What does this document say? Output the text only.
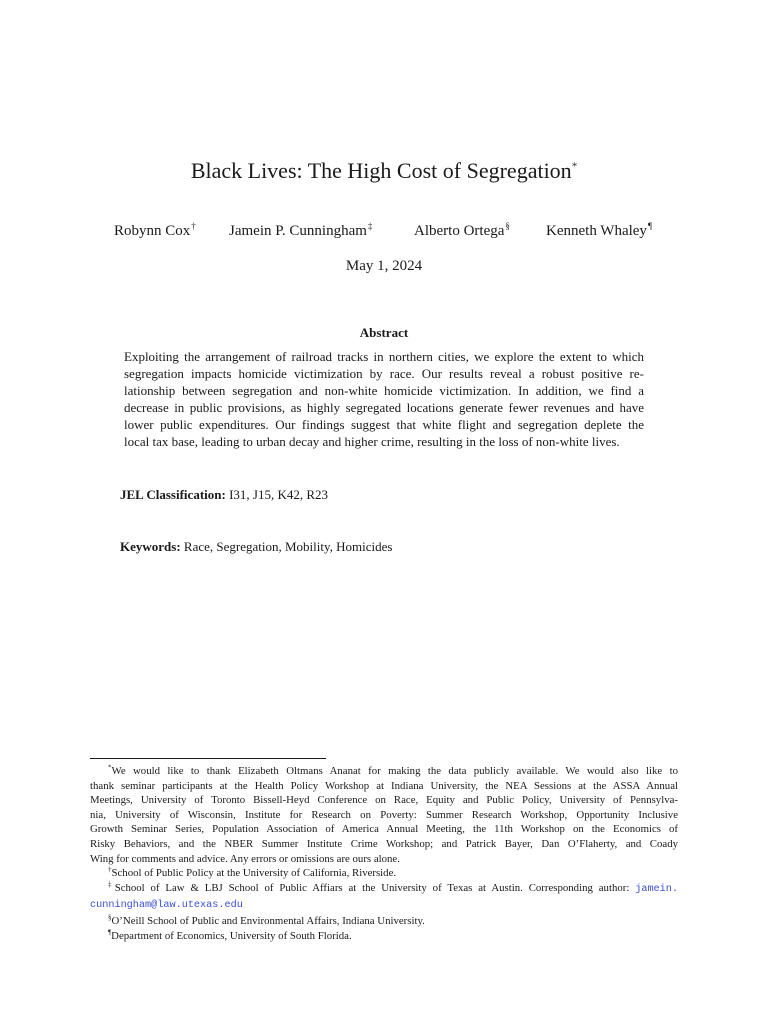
Black Lives: The High Cost of Segregation*
Robynn Cox† Jamein P. Cunningham‡	Alberto Ortega§ Kenneth Whaley¶
May 1, 2024
Abstract
Exploiting the arrangement of railroad tracks in northern cities, we explore the extent to which
segregation impacts homicide victimization by race. Our results reveal a robust positive re-
lationship between segregation and non-white homicide victimization. In addition, we find a
decrease in public provisions, as highly segregated locations generate fewer revenues and have
lower public expenditures. Our findings suggest that white flight and segregation deplete the
local tax base, leading to urban decay and higher crime, resulting in the loss of non-white lives.
JEL Classification: I31, J15, K42, R23
Keywords: Race, Segregation, Mobility, Homicides
*We would like to thank Elizabeth Oltmans Ananat for making the data publicly available. We would also like to
thank seminar participants at the Health Policy Workshop at Indiana University, the NEA Sessions at the ASSA Annual
Meetings, University of Toronto Bissell-Heyd Conference on Race, Equity and Public Policy, University of Pennsylva-
nia, University of Wisconsin, Institute for Research on Poverty: Summer Research Workshop, Opportunity Inclusive
Growth Seminar Series, Population Association of America Annual Meeting, the 11th Workshop on the Economics of
Risky Behaviors, and the NBER Summer Institute Crime Workshop; and Patrick Bayer, Dan O’Flaherty, and Coady
Wing for comments and advice. Any errors or omissions are ours alone.
†School of Public Policy at the University of California, Riverside.
‡School of Law & LBJ School of Public Affiars at the University of Texas at Austin. Corresponding author: jamein.
cunningham@law.utexas.edu
§O’Neill School of Public and Environmental Affairs, Indiana University.
¶Department of Economics, University of South Florida.
